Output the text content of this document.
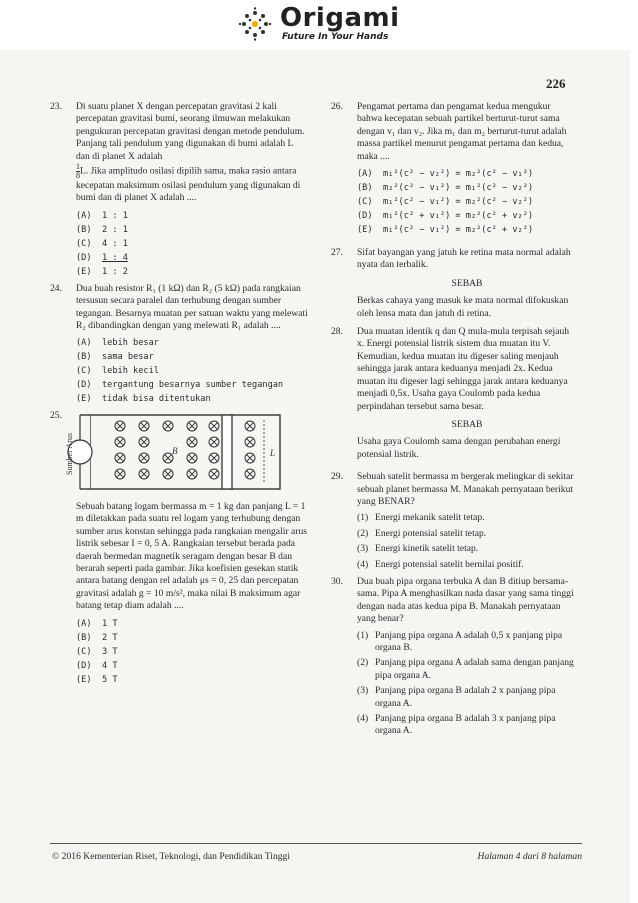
Origami
Future In Your Hands
226
23. Di suatu planet X dengan percepatan gravitasi 2 kali percepatan gravitasi bumi, seorang ilmuwan melakukan pengukuran percepatan gravitasi dengan metode pendulum. Panjang tali pendulum yang digunakan di bumi adalah L dan di planet X adalah

$\frac{1}{8} L$. Jika amplitudo osilasi dipilih sama, maka rasio antara kecepatan maksimum osilasi pendulum yang digunakan di bumi dan di planet X adalah ....
(A) 1 : 1
(B) 2 : 1
(C) 4 : 1
(D) 1 : 4
(E) 1 : 2
24. Dua buah resistor R₁ (1 kΩ) dan R₂ (5 kΩ) pada rangkaian tersusun secara paralel dan terhubung dengan sumber tegangan. Besarnya muatan per satuan waktu yang melewati R₂ dibandingkan dengan yang melewati R₁ adalah ....
(A) lebih besar
(B) sama besar
(C) lebih kecil
(D) tergantung besarnya sumber tegangan
(E) tidak bisa ditentukan
25.
Sumber Arus	L
B
Sebuah batang logam bermassa m = 1 kg dan panjang L = 1 m diletakkan pada suatu rel logam yang terhubung dengan sumber arus konstan sehingga pada rangkaian mengalir arus listrik sebesar I = 0, 5 A. Rangkaian tersebut berada pada daerah bermedan magnetik seragam dengan besar B dan berarah seperti pada gambar. Jika koefisien gesekan statik antara batang dengan rel adalah μs = 0, 25 dan percepatan gravitasi adalah g = 10 m/s², maka nilai B maksimum agar batang tetap diam adalah ....
(A) 1 T
(B) 2 T
(C) 3 T
(D) 4 T
(E) 5 T
26. Pengamat pertama dan pengamat kedua mengukur bahwa kecepatan sebuah partikel berturut-turut sama dengan v₁ dan v₂. Jika m₁ dan m₂ berturut-turut adalah massa partikel menurut pengamat pertama dan kedua, maka ....
(A) m₁²(c² − v₂²) = m₂²(c² − v₁²)
(B) m₂²(c² − v₁²) = m₁²(c² − v₂²)
(C) m₁²(c² − v₁²) = m₂²(c² − v₂²)
(D) m₁²(c² + v₁²) = m₂²(c² + v₂²)
(E) m₁²(c² − v₁²) = m₂²(c² + v₂²)
27. Sifat bayangan yang jatuh ke retina mata normal adalah nyata dan terbalik.
SEBAB
Berkas cahaya yang masuk ke mata normal difokuskan oleh lensa mata dan jatuh di retina.
28. Dua muatan identik q dan Q mula-mula terpisah sejauh x. Energi potensial listrik sistem dua muatan itu V. Kemudian, kedua muatan itu digeser saling menjauh sehingga jarak antara keduanya menjadi 2x. Kedua muatan itu digeser lagi sehingga jarak antara keduanya menjadi 0,5x. Usaha gaya Coulomb pada kedua perpindahan tersebut sama besar.
SEBAB
Usaha gaya Coulomb sama dengan perubahan energi potensial listrik.
29. Sebuah satelit bermassa m bergerak melingkar di sekitar sebuah planet bermassa M. Manakah pernyataan berikut yang BENAR?
(1) Energi mekanik satelit tetap.
(2) Energi potensial satelit tetap.
(3) Energi kinetik satelit tetap.
(4) Energi potensial satelit bernilai positif.
30. Dua buah pipa organa terbuka A dan B ditiup bersama-sama. Pipa A menghasilkan nada dasar yang sama tinggi dengan nada atas kedua pipa B. Manakah pernyataan yang benar?
(1) Panjang pipa organa A adalah 0,5 x panjang pipa organa B.
(2) Panjang pipa organa A adalah sama dengan panjang pipa organa A.
(3) Panjang pipa organa B adalah 2 x panjang pipa organa A.
(4) Panjang pipa organa B adalah 3 x panjang pipa organa A.
© 2016 Kementerian Riset, Teknologi, dan Pendidikan Tinggi	Halaman 4 dari 8 halaman
